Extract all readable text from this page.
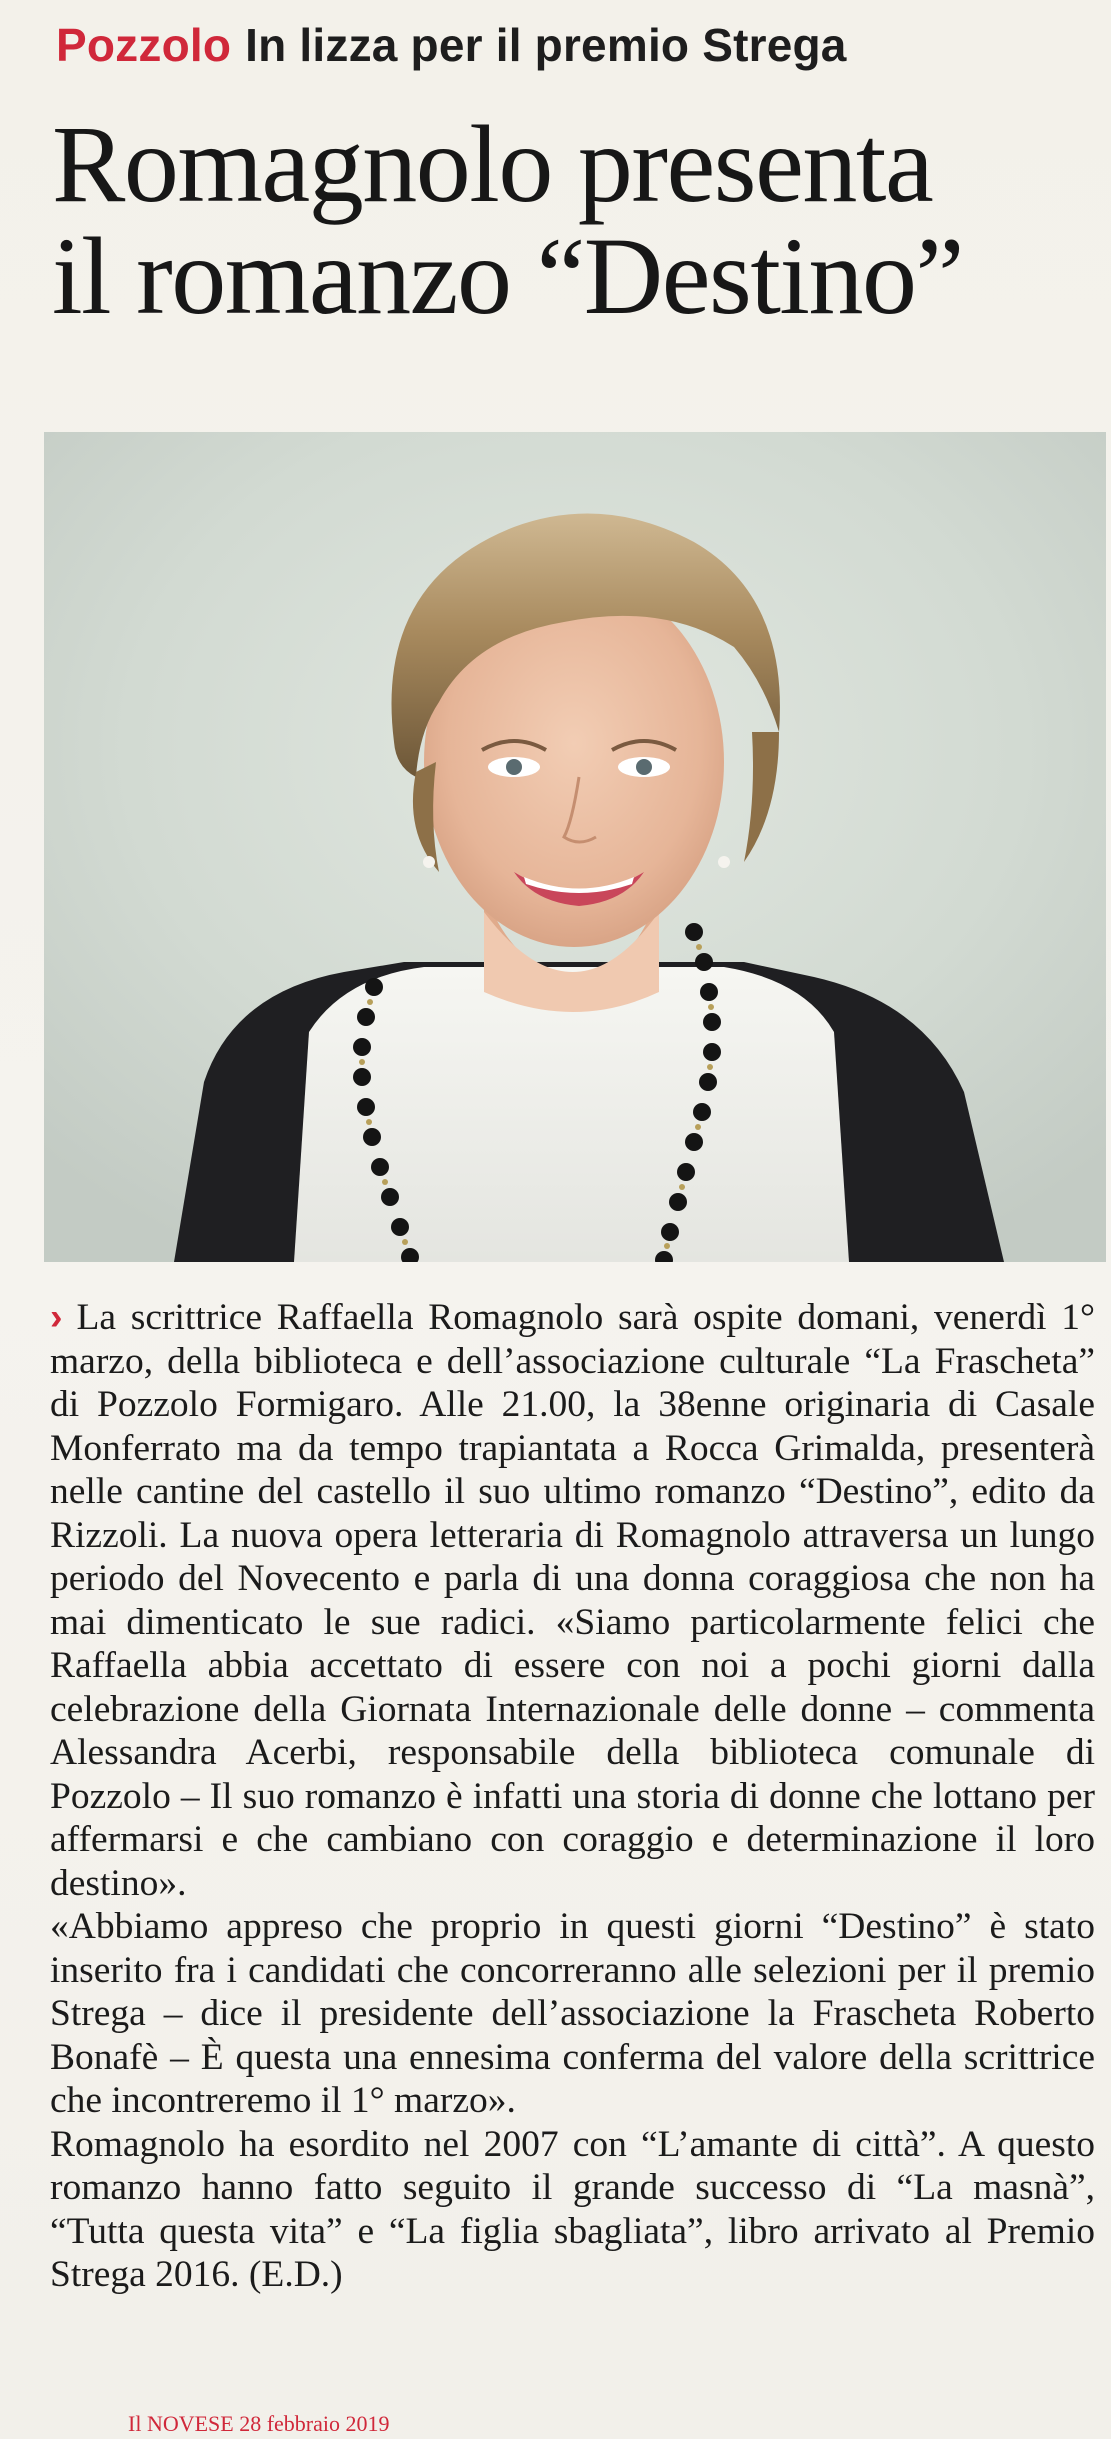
Pozzolo In lizza per il premio Strega
Romagnolo presenta
il romanzo “Destino”

› La scrittrice Raffaella Romagnolo sarà ospite domani, venerdì 1° marzo, della biblioteca e dell’associazione culturale “La Frascheta” di Pozzolo Formigaro. Alle 21.00, la 38enne originaria di Casale Monferrato ma da tempo trapiantata a Rocca Grimalda, presenterà nelle cantine del castello il suo ultimo romanzo “Destino”, edito da Rizzoli. La nuova opera letteraria di Romagnolo attraversa un lungo periodo del Novecento e parla di una donna coraggiosa che non ha mai dimenticato le sue radici. «Siamo particolarmente felici che Raffaella abbia accettato di essere con noi a pochi giorni dalla celebrazione della Giornata Internazionale delle donne – commenta Alessandra Acerbi, responsabile della biblioteca comunale di Pozzolo – Il suo romanzo è infatti una storia di donne che lottano per affermarsi e che cambiano con coraggio e determinazione il loro destino».

«Abbiamo appreso che proprio in questi giorni “Destino” è stato inserito fra i candidati che concorreranno alle selezioni per il premio Strega – dice il presidente dell’associazione la Frascheta Roberto Bonafè – È questa una ennesima conferma del valore della scrittrice che incontreremo il 1° marzo».

Romagnolo ha esordito nel 2007 con “L’amante di città”. A questo romanzo hanno fatto seguito il grande successo di “La masnà”, “Tutta questa vita” e “La figlia sbagliata”, libro arrivato al Premio Strega 2016. (E.D.)

Il NOVESE 28 febbraio 2019
